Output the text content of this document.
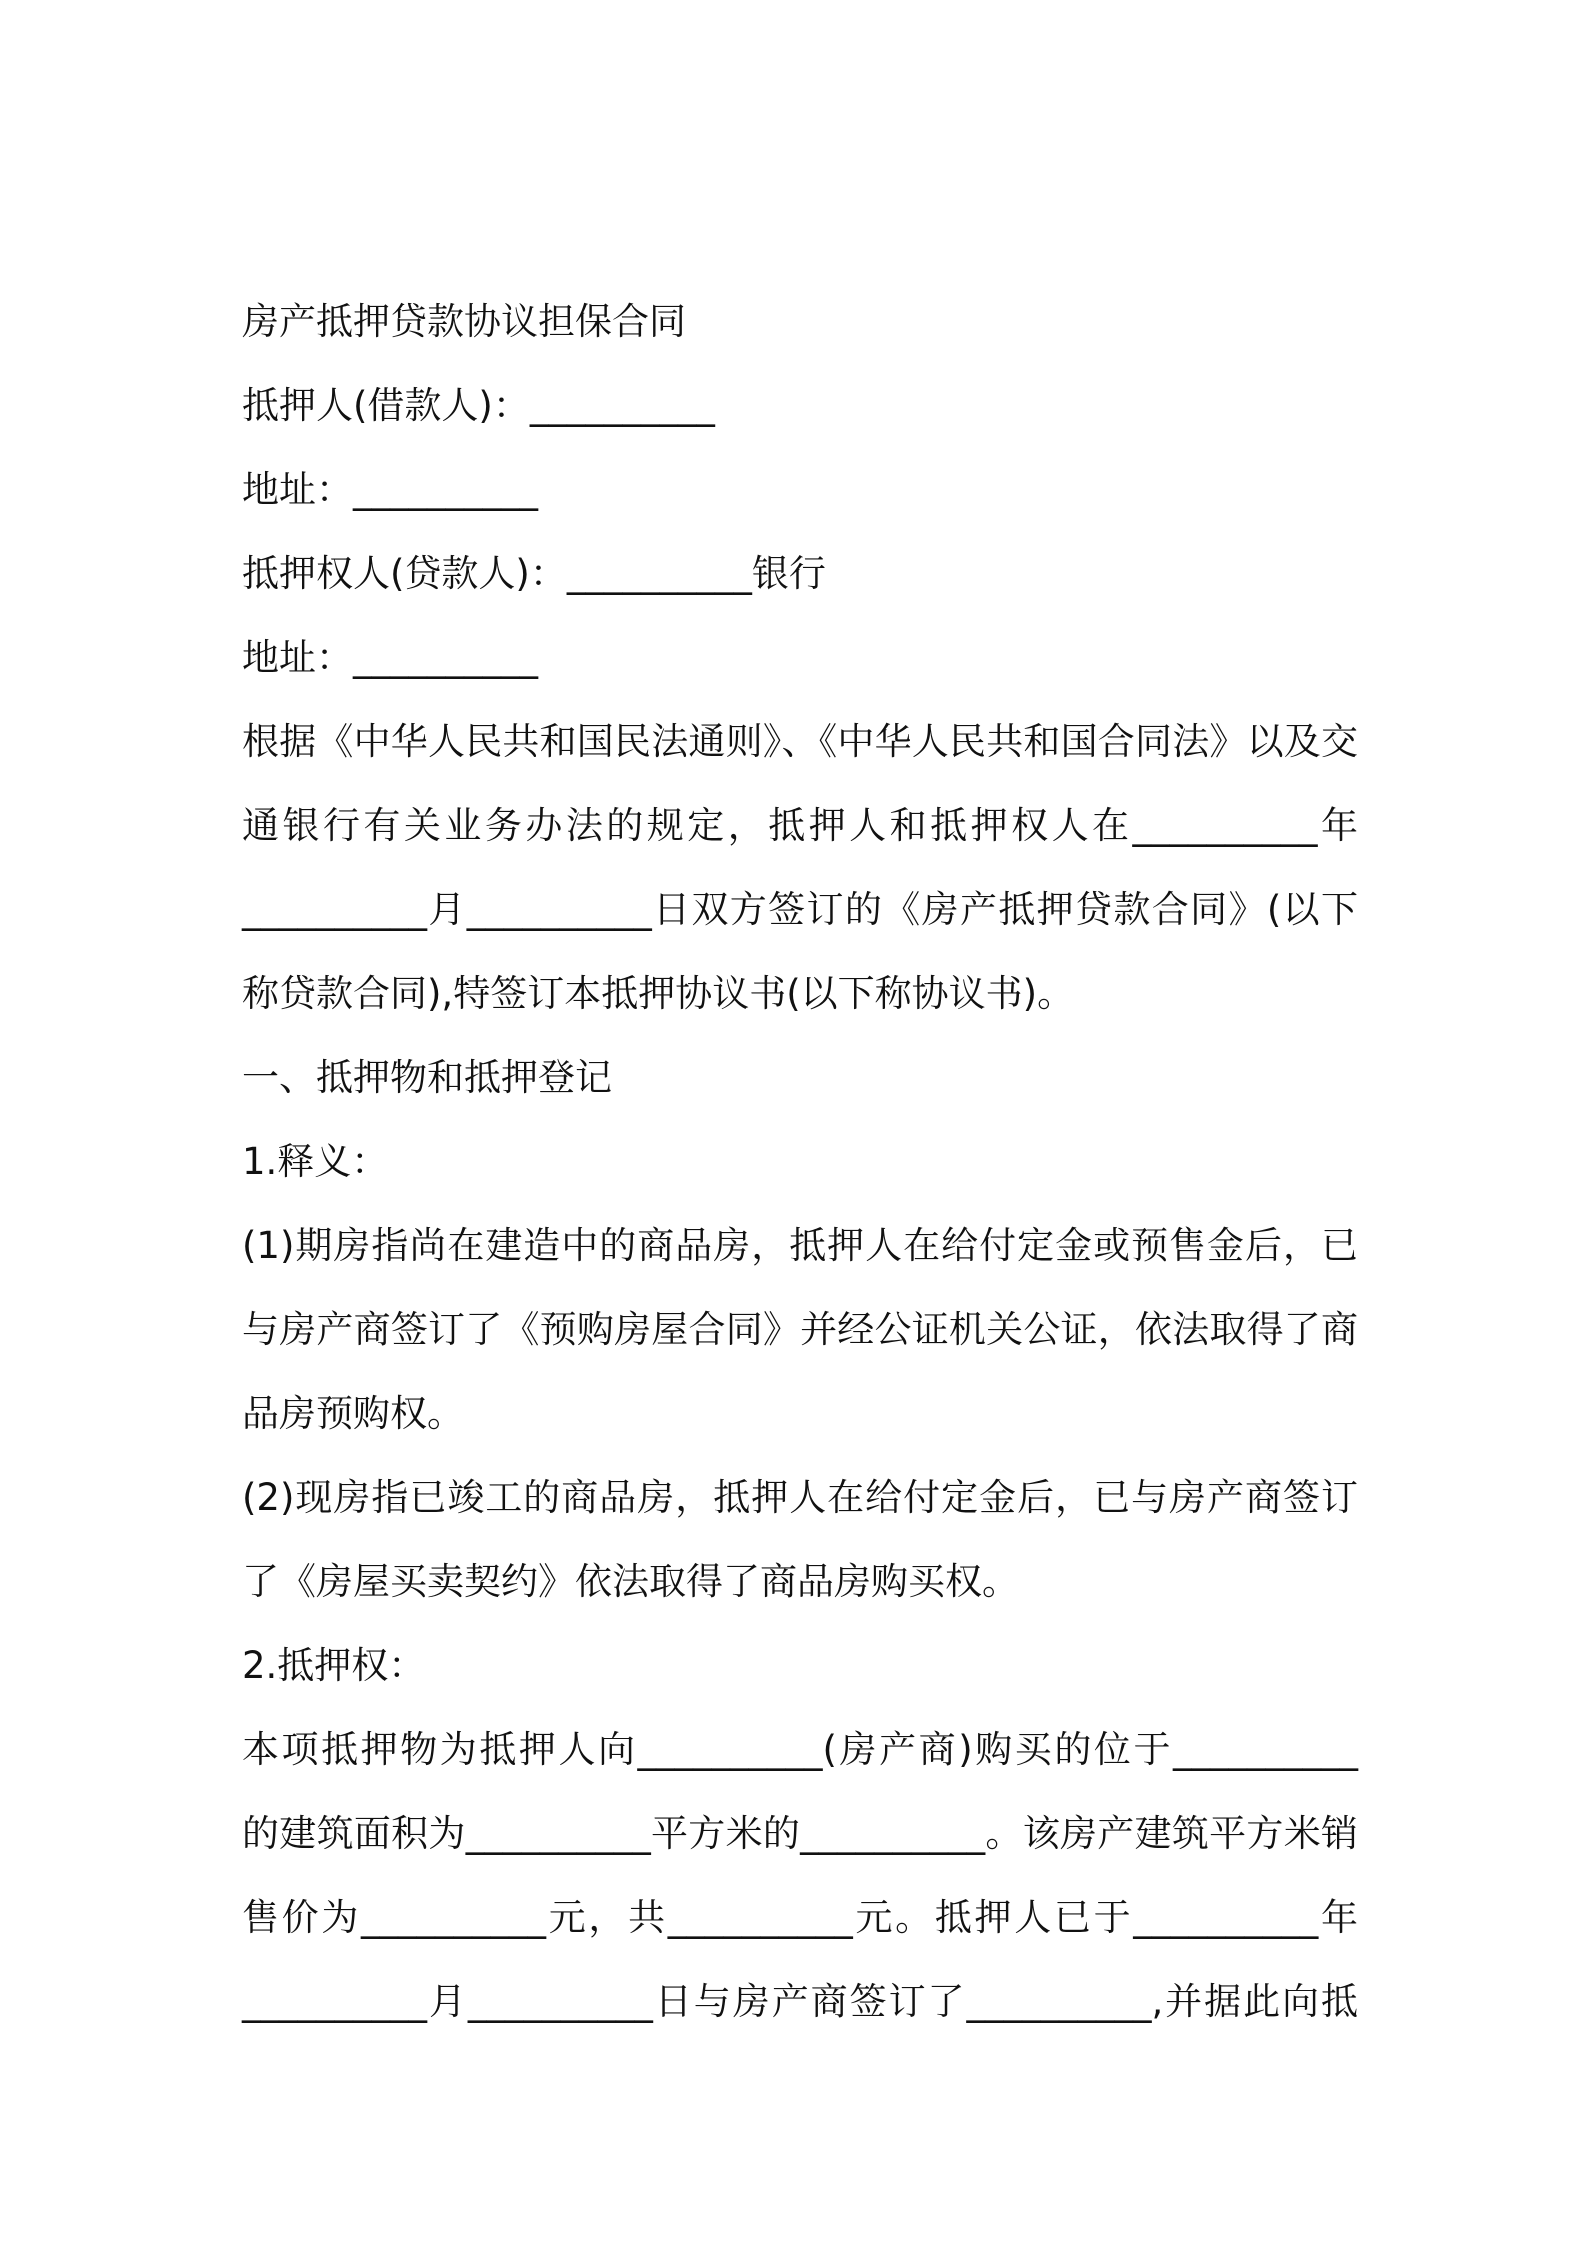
房产抵押贷款协议担保合同
抵押人(借款人)：__________
地址：__________
抵押权人(贷款人)：__________银行
地址：__________
根据《中华人民共和国民法通则》、《中华人民共和国合同法》以及交
通银行有关业务办法的规定，抵押人和抵押权人在__________年
__________月__________日双方签订的《房产抵押贷款合同》(以下
称贷款合同),特签订本抵押协议书(以下称协议书)。
一、抵押物和抵押登记
1.释义：
(1)期房指尚在建造中的商品房，抵押人在给付定金或预售金后，已
与房产商签订了《预购房屋合同》并经公证机关公证，依法取得了商
品房预购权。
(2)现房指已竣工的商品房，抵押人在给付定金后，已与房产商签订
了《房屋买卖契约》依法取得了商品房购买权。
2.抵押权：
本项抵押物为抵押人向__________(房产商)购买的位于__________
的建筑面积为__________平方米的__________。该房产建筑平方米销
售价为__________元，共__________元。抵押人已于__________年
__________月__________日与房产商签订了__________,并据此向抵
